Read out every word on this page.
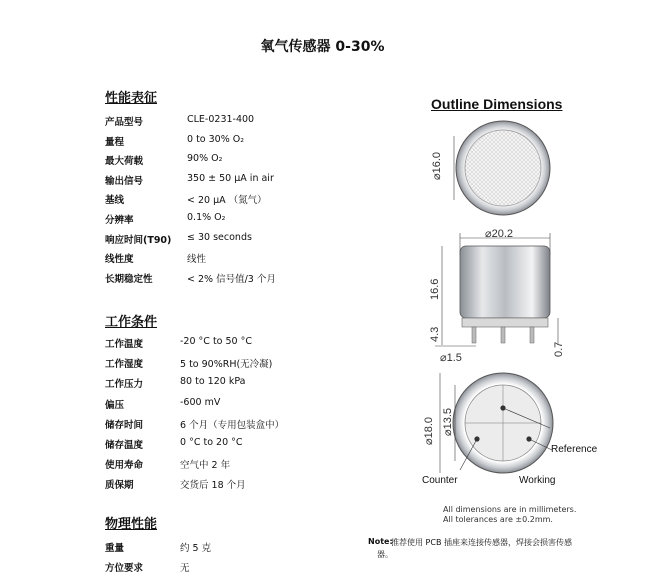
氧气传感器 0-30%
性能表征
产品型号	CLE-0231-400
量程	0 to 30% O₂
最大荷载	90% O₂
输出信号	350 ± 50 μA in air
基线	< 20 μA （氮气）
分辨率	0.1% O₂
响应时间(T90) ≤ 30 seconds
线性度	线性
长期稳定性	< 2% 信号值/3 个月
工作条件
工作温度	-20 °C to 50 °C
工作湿度	5 to 90%RH(无冷凝)
工作压力	80 to 120 kPa
偏压	-600 mV
储存时间	6 个月（专用包装盒中）
储存温度	0 °C to 20 °C
使用寿命	空气中 2 年
质保期	交货后 18 个月
物理性能
重量	约 5 克
方位要求	无
Outline Dimensions
⌀16.0
⌀20.2
16.6
4.3
⌀1.5
0.7
⌀18.0 ⌀13.5
Reference
Working
Counter
All dimensions are in millimeters.
All tolerances are ±0.2mm.
Note:
推荐使用 PCB 插座来连接传感器，焊接会损害传感
器。
